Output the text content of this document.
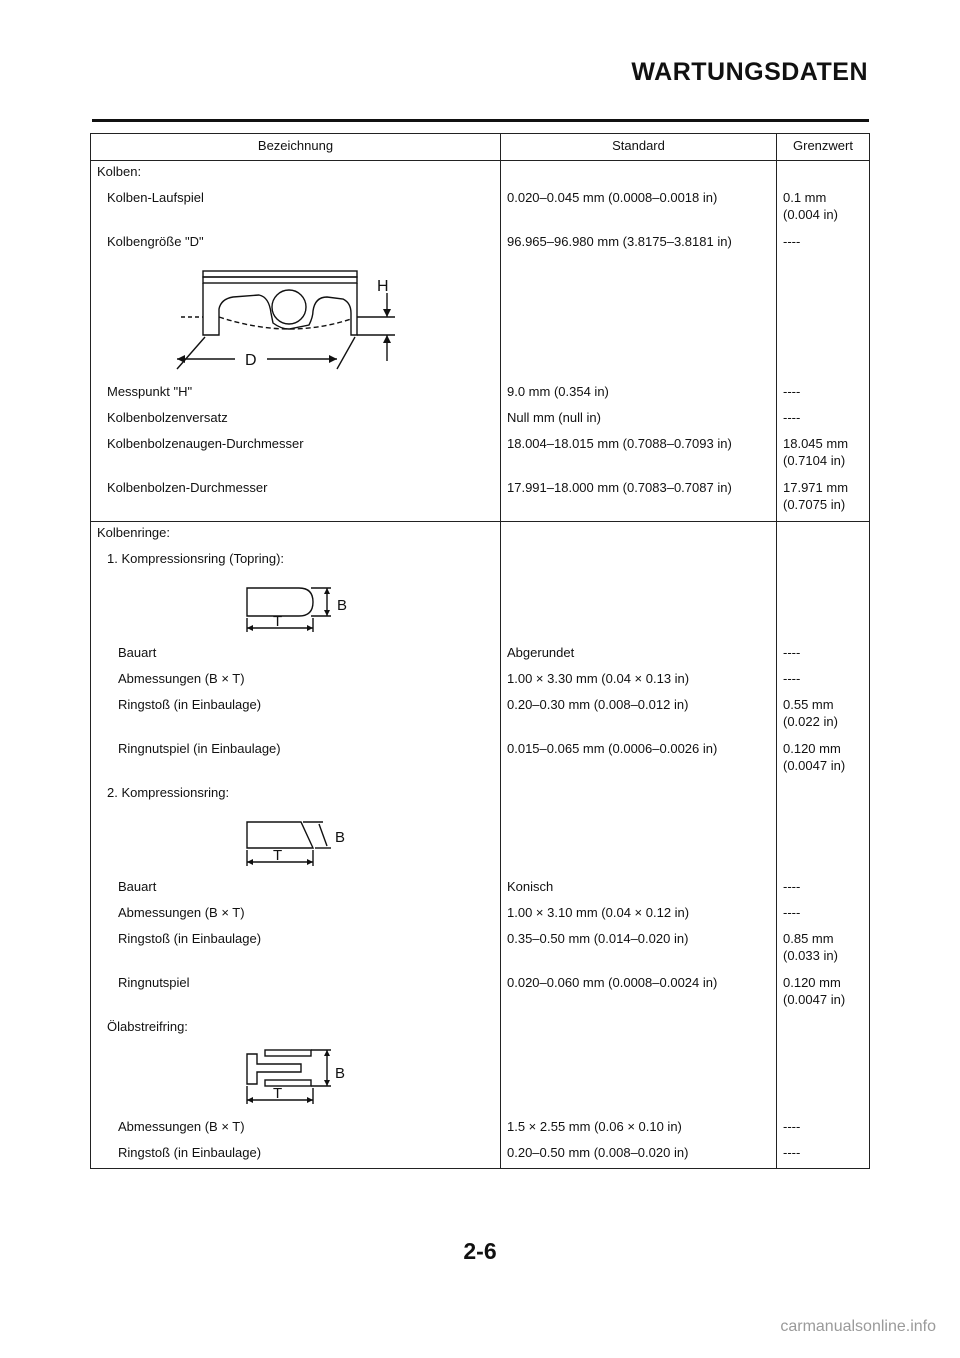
WARTUNGSDATEN
Bezeichnung	Standard	Grenzwert
Kolben:		
Kolben-Laufspiel	0.020–0.045 mm (0.0008–0.0018 in)	0.1 mm (0.004 in)
Kolbengröße "D"	96.965–96.980 mm (3.8175–3.8181 in)	----

H
D		

Messpunkt "H"	9.0 mm (0.354 in)	----
Kolbenbolzenversatz	Null mm (null in)	----
Kolbenbolzenaugen-Durchmesser	18.004–18.015 mm (0.7088–0.7093 in)	18.045 mm (0.7104 in)
Kolbenbolzen-Durchmesser	17.991–18.000 mm (0.7083–0.7087 in)	17.971 mm (0.7075 in)
Kolbenringe:		
1. Kompressionsring (Topring):		

B
T		

Bauart	Abgerundet	----
Abmessungen (B × T)	1.00 × 3.30 mm (0.04 × 0.13 in)	----
Ringstoß (in Einbaulage)	0.20–0.30 mm (0.008–0.012 in)	0.55 mm (0.022 in)
Ringnutspiel (in Einbaulage)	0.015–0.065 mm (0.0006–0.0026 in)	0.120 mm (0.0047 in)
2. Kompressionsring:		

B
T		

Bauart	Konisch	----
Abmessungen (B × T)	1.00 × 3.10 mm (0.04 × 0.12 in)	----
Ringstoß (in Einbaulage)	0.35–0.50 mm (0.014–0.020 in)	0.85 mm (0.033 in)
Ringnutspiel	0.020–0.060 mm (0.0008–0.0024 in)	0.120 mm (0.0047 in)
Ölabstreifring:		

B
T		

Abmessungen (B × T)	1.5 × 2.55 mm (0.06 × 0.10 in)	----
Ringstoß (in Einbaulage)	0.20–0.50 mm (0.008–0.020 in)	----
2-6
carmanualsonline.info
